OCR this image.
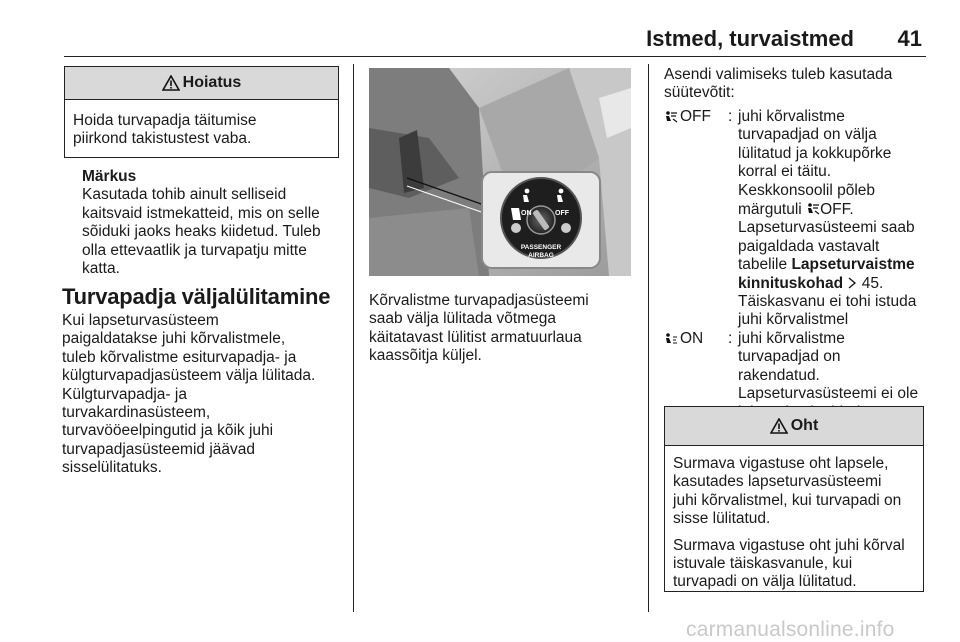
Istmed, turvaistmed 41
Hoiatus

Hoida turvapadja täitumise piirkond takistustest vaba.

Märkus
Kasutada tohib ainult selliseid
kaitsvaid istmekatteid, mis on selle
sõiduki jaoks heaks kiidetud. Tuleb
olla ettevaatlik ja turvapatju mitte
katta.
Turvapadja väljalülitamine
Kui lapseturvasüsteem
paigaldatakse juhi kõrvalistmele,
tuleb kõrvalistme esiturvapadja- ja
külgturvapadjasüsteem välja lülitada.
Külgturvapadja- ja
turvakardinasüsteem,
turvavööeelpingutid ja kõik juhi
turvapadjasüsteemid jäävad
sisselülitatuks.
ON	OFF
PASSENGER
AIRBAG
Kõrvalistme turvapadjasüsteemi
saab välja lülitada võtmega
käitatavast lülitist armatuurlaua
kaassõitja küljel.
Asendi valimiseks tuleb kasutada
süütevõtit:
OFF : juhi kõrvalistme
turvapadjad on välja
lülitatud ja kokkupõrke
korral ei täitu.
Keskkonsoolil põleb
märgutuli OFF.
Lapseturvasüsteemi saab
paigaldada vastavalt
tabelile Lapseturvaistme
kinnituskohad 45.
Täiskasvanu ei tohi istuda
juhi kõrvalistmel
ON : juhi kõrvalistme
turvapadjad on rakendatud.
Lapseturvasüsteemi ei ole
Oht

Surmava vigastuse oht lapsele,
kasutades lapseturvasüsteemi
juhi kõrvalistmel, kui turvapadi on
sisse lülitatud.

Surmava vigastuse oht juhi kõrval
istuvale täiskasvanule, kui
turvapadi on välja lülitatud.

carmanualsonline.info
